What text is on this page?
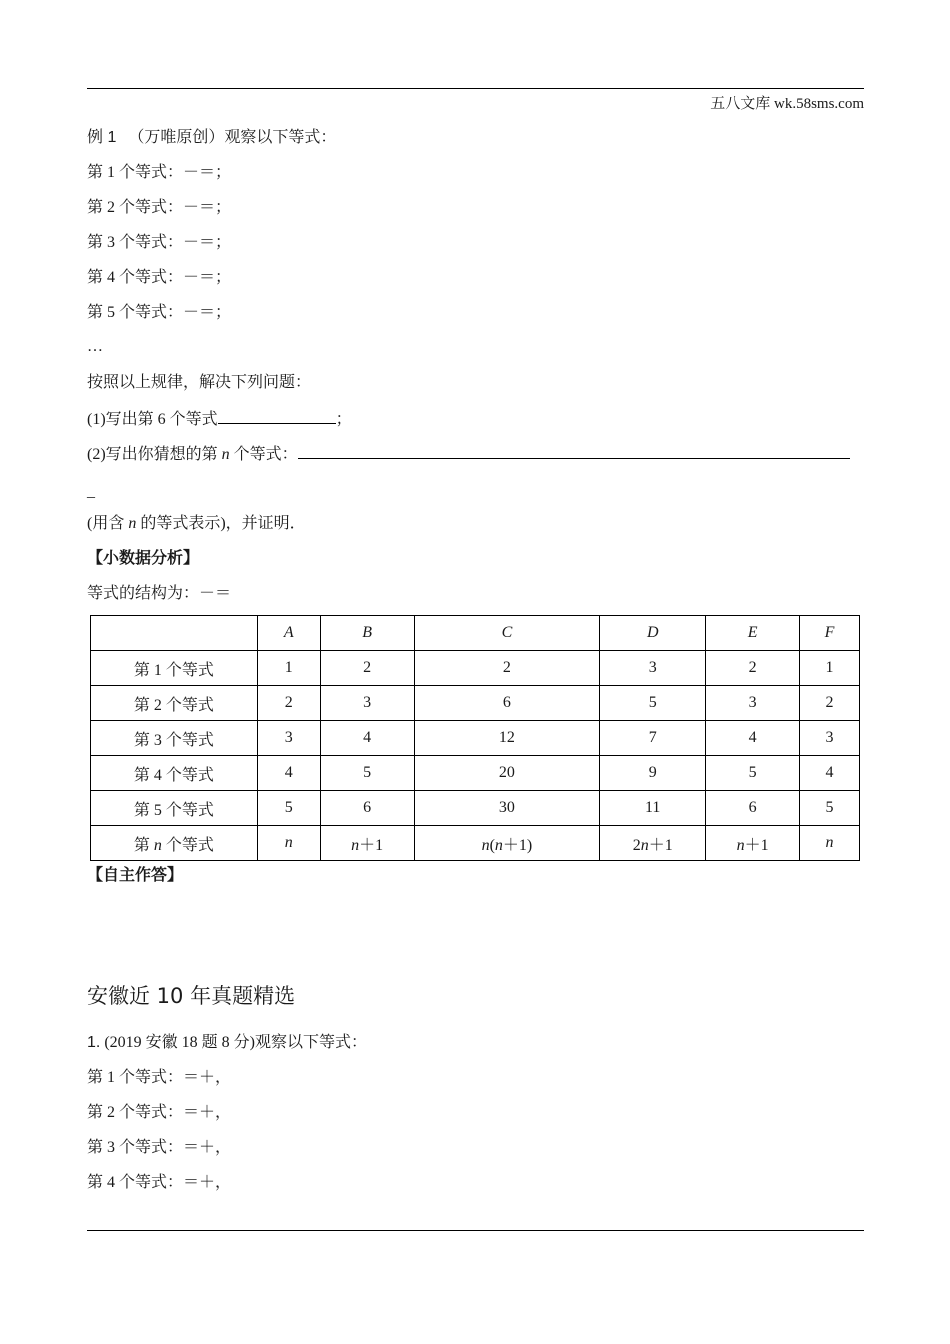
五八文库 wk.58sms.com
例 1 （万唯原创）观察以下等式：
第 1 个等式：－＝；
第 2 个等式：－＝；
第 3 个等式：－＝；
第 4 个等式：－＝；
第 5 个等式：－＝；
…
按照以上规律，解决下列问题：
(1)写出第 6 个等式	；
(2)写出你猜想的第 n 个等式：
_
(用含 n 的等式表示)，并证明．
【小数据分析】
等式的结构为：－＝
	A	B	C	D	E	F
第 1 个等式	1	2	2	3	2	1
第 2 个等式	2	3	6	5	3	2
第 3 个等式	3	4	12	7	4	3
第 4 个等式	4	5	20	9	5	4
第 5 个等式	5	6	30	11	6	5
第 n 个等式	n	n＋1	n(n＋1)	2n＋1	n＋1	n
【自主作答】
安徽近 10 年真题精选
1. (2019 安徽 18 题 8 分)观察以下等式：
第 1 个等式：＝＋，
第 2 个等式：＝＋，
第 3 个等式：＝＋，
第 4 个等式：＝＋，
